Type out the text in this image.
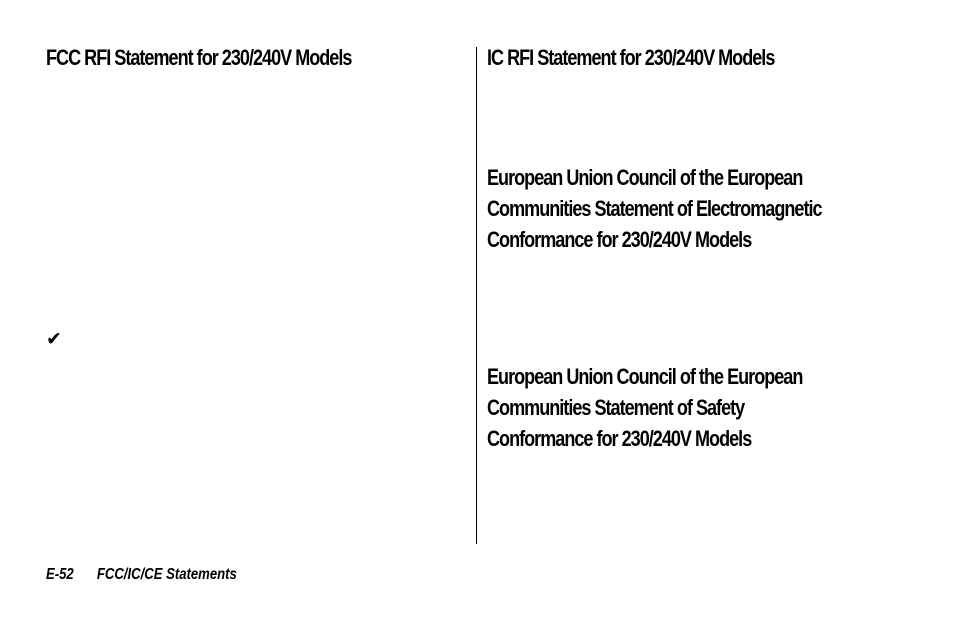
FCC RFI Statement for 230/240V Models	IC RFI Statement for 230/240V Models
European Union Council of the European
Communities Statement of Electromagnetic
Conformance for 230/240V Models
European Union Council of the European
Communities Statement of Safety
Conformance for 230/240V Models
✔
E-52 FCC/IC/CE Statements
